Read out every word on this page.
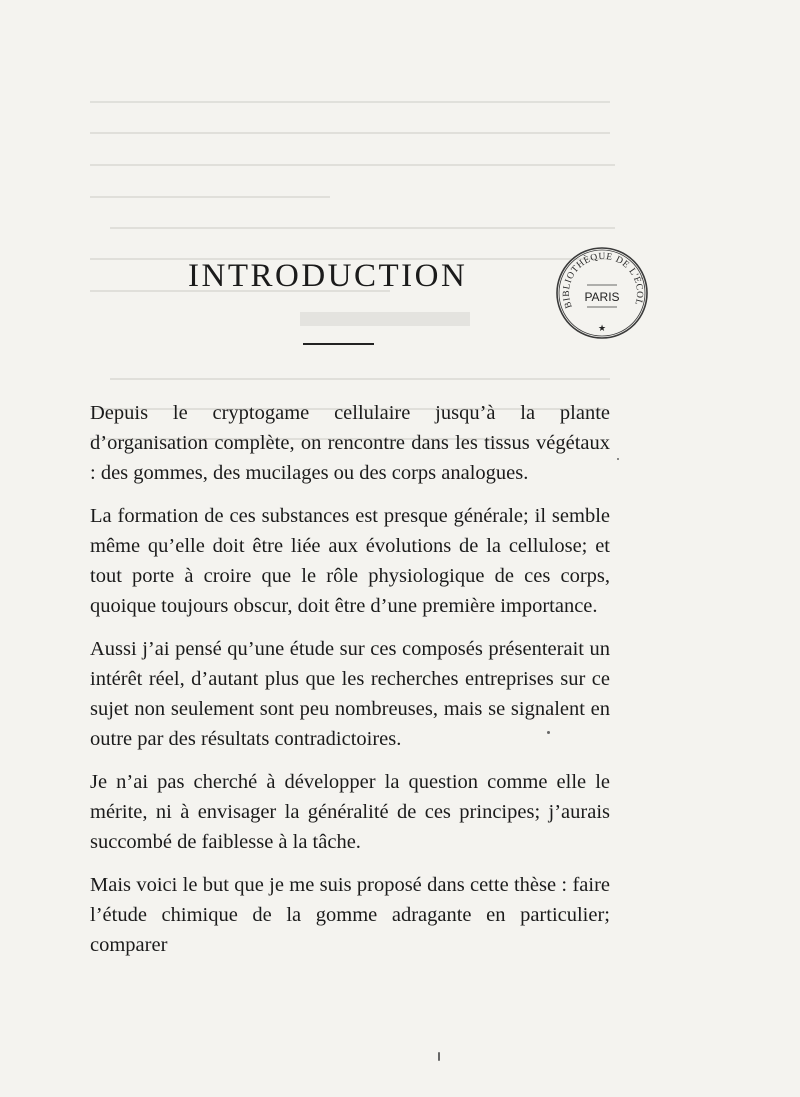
INTRODUCTION
BIBLIOTHÈQUE DE L'ÉCOL
PARIS
★

Depuis le cryptogame cellulaire jusqu’à la plante d’organisation complète, on rencontre dans les tissus végétaux : des gommes, des mucilages ou des corps analogues.

La formation de ces substances est presque générale; il semble même qu’elle doit être liée aux évolutions de la cellulose; et tout porte à croire que le rôle physiologique de ces corps, quoique toujours obscur, doit être d’une première importance.

Aussi j’ai pensé qu’une étude sur ces composés présenterait un intérêt réel, d’autant plus que les recherches entreprises sur ce sujet non seulement sont peu nombreuses, mais se signalent en outre par des résultats contradictoires.

Je n’ai pas cherché à développer la question comme elle le mérite, ni à envisager la généralité de ces principes; j’aurais succombé de faiblesse à la tâche.

Mais voici le but que je me suis proposé dans cette thèse : faire l’étude chimique de la gomme adragante en particulier; comparer
